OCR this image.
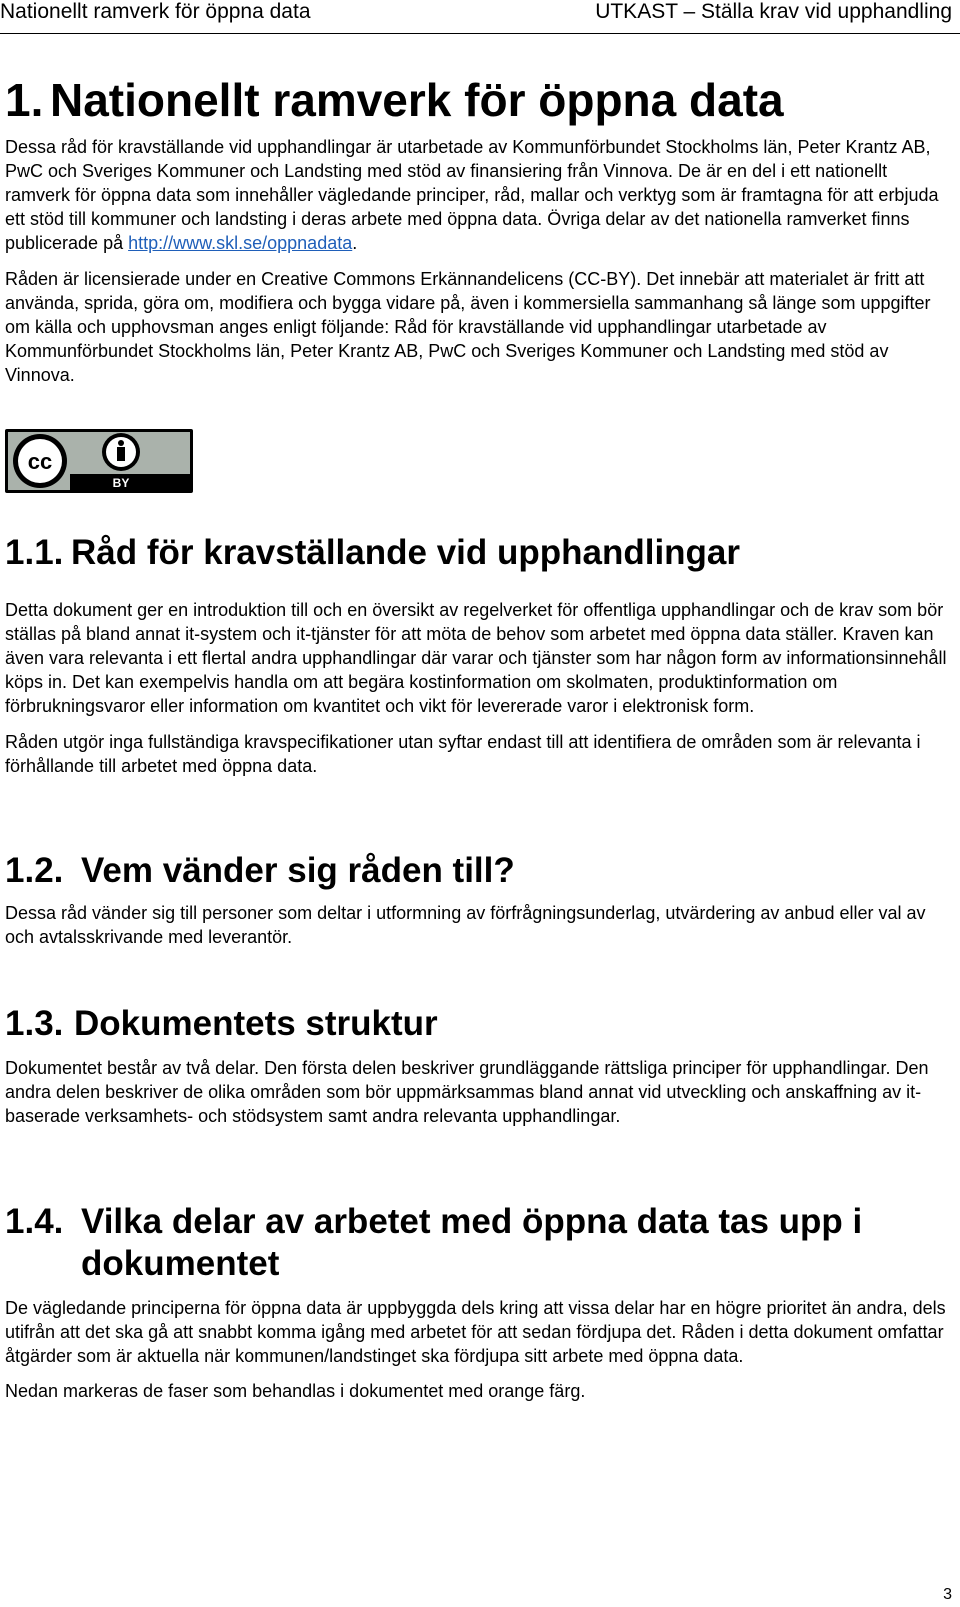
Nationellt ramverk för öppna data	UTKAST – Ställa krav vid upphandling
1. Nationellt ramverk för öppna data

Dessa råd för kravställande vid upphandlingar är utarbetade av Kommunförbundet Stockholms län, Peter Krantz AB, PwC och Sveriges Kommuner och Landsting med stöd av finansiering från Vinnova. De är en del i ett nationellt ramverk för öppna data som innehåller vägledande principer, råd, mallar och verktyg som är framtagna för att erbjuda ett stöd till kommuner och landsting i deras arbete med öppna data. Övriga delar av det nationella ramverket finns publicerade på http://www.skl.se/oppnadata.

Råden är licensierade under en Creative Commons Erkännandelicens (CC-BY). Det innebär att materialet är fritt att använda, sprida, göra om, modifiera och bygga vidare på, även i kommersiella sammanhang så länge som uppgifter om källa och upphovsman anges enligt följande: Råd för kravställande vid upphandlingar utarbetade av Kommunförbundet Stockholms län, Peter Krantz AB, PwC och Sveriges Kommuner och Landsting med stöd av Vinnova.

cc
BY
1.1. Råd för kravställande vid upphandlingar

Detta dokument ger en introduktion till och en översikt av regelverket för offentliga upphandlingar och de krav som bör ställas på bland annat it-system och it-tjänster för att möta de behov som arbetet med öppna data ställer. Kraven kan även vara relevanta i ett flertal andra upphandlingar där varar och tjänster som har någon form av informationsinnehåll köps in. Det kan exempelvis handla om att begära kostinformation om skolmaten, produktinformation om förbrukningsvaror eller information om kvantitet och vikt för levererade varor i elektronisk form.

Råden utgör inga fullständiga kravspecifikationer utan syftar endast till att identifiera de områden som är relevanta i förhållande till arbetet med öppna data.

1.2. Vem vänder sig råden till?

Dessa råd vänder sig till personer som deltar i utformning av förfrågningsunderlag, utvärdering av anbud eller val av och avtalsskrivande med leverantör.

1.3. Dokumentets struktur

Dokumentet består av två delar. Den första delen beskriver grundläggande rättsliga principer för upphandlingar. Den andra delen beskriver de olika områden som bör uppmärksammas bland annat vid utveckling och anskaffning av it-baserade verksamhets- och stödsystem samt andra relevanta upphandlingar.

1.4. Vilka delar av arbetet med öppna data tas upp i dokumentet

De vägledande principerna för öppna data är uppbyggda dels kring att vissa delar har en högre prioritet än andra, dels utifrån att det ska gå att snabbt komma igång med arbetet för att sedan fördjupa det. Råden i detta dokument omfattar åtgärder som är aktuella när kommunen/landstinget ska fördjupa sitt arbete med öppna data.

Nedan markeras de faser som behandlas i dokumentet med orange färg.

3
